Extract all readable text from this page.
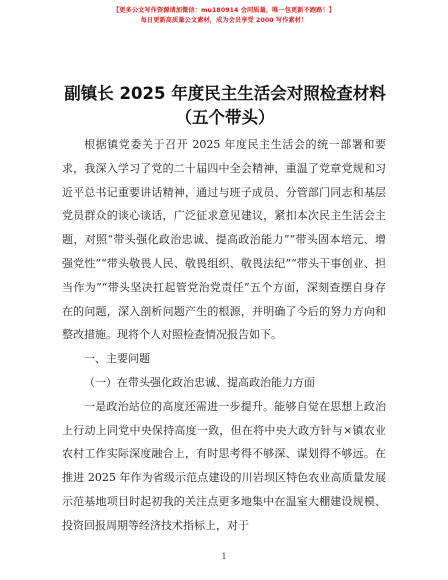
【更多公文写作资源请加微信：mu180914 会同质量，唯一包更新不跑路！】
每日更新高质量公文素材，成为会员享受 2000 写作素材！
副镇长 2025 年度民主生活会对照检查材料（五个带头）

根据镇党委关于召开 2025 年度民主生活会的统一部署和要求，我深入学习了党的二十届四中全会精神，重温了党章党规和习近平总书记重要讲话精神，通过与班子成员、分管部门同志和基层党员群众的谈心谈话，广泛征求意见建议，紧扣本次民主生活会主题，对照“带头强化政治忠诚、提高政治能力”“带头固本培元、增强党性”“带头敬畏人民、敬畏组织、敬畏法纪”“带头干事创业、担当作为”“带头坚决扛起管党治党责任”五个方面，深刻查摆自身存在的问题，深入剖析问题产生的根源，并明确了今后的努力方向和整改措施。现将个人对照检查情况报告如下。

一、主要问题

（一）在带头强化政治忠诚、提高政治能力方面

一是政治站位的高度还需进一步提升。能够自觉在思想上政治上行动上同党中央保持高度一致，但在将中央大政方针与×镇农业农村工作实际深度融合上，有时思考得不够深、谋划得不够远。在推进 2025 年作为省级示范点建设的川岩坝区特色农业高质量发展示范基地项目时起初我的关注点更多地集中在温室大棚建设规模、投资回报周期等经济技术指标上，对于

1
